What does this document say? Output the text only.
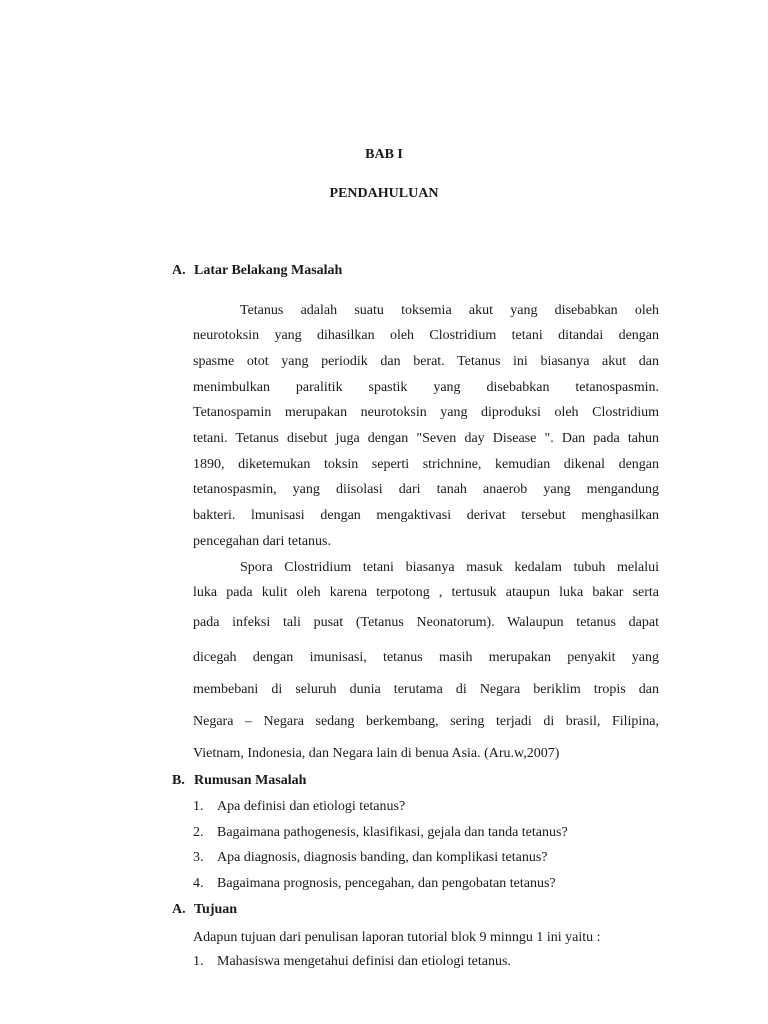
BAB I
PENDAHULUAN
A. Latar Belakang Masalah
Tetanus adalah suatu toksemia akut yang disebabkan oleh
neurotoksin yang dihasilkan oleh Clostridium tetani ditandai dengan
spasme otot yang periodik dan berat. Tetanus ini biasanya akut dan
menimbulkan paralitik spastik yang disebabkan tetanospasmin.
Tetanospamin merupakan neurotoksin yang diproduksi oleh Clostridium
tetani. Tetanus disebut juga dengan "Seven day Disease ". Dan pada tahun
1890, diketemukan toksin seperti strichnine, kemudian dikenal dengan
tetanospasmin, yang diisolasi dari tanah anaerob yang mengandung
bakteri. lmunisasi dengan mengaktivasi derivat tersebut menghasilkan
pencegahan dari tetanus.
Spora Clostridium tetani biasanya masuk kedalam tubuh melalui
luka pada kulit oleh karena terpotong , tertusuk ataupun luka bakar serta
pada infeksi tali pusat (Tetanus Neonatorum). Walaupun tetanus dapat
dicegah dengan imunisasi, tetanus masih merupakan penyakit yang
membebani di seluruh dunia terutama di Negara beriklim tropis dan
Negara – Negara sedang berkembang, sering terjadi di brasil, Filipina,
Vietnam, Indonesia, dan Negara lain di benua Asia. (Aru.w,2007)
B. Rumusan Masalah
1. Apa definisi dan etiologi tetanus?
2. Bagaimana pathogenesis, klasifikasi, gejala dan tanda tetanus?
3. Apa diagnosis, diagnosis banding, dan komplikasi tetanus?
4. Bagaimana prognosis, pencegahan, dan pengobatan tetanus?
A. Tujuan
Adapun tujuan dari penulisan laporan tutorial blok 9 minngu 1 ini yaitu :
1. Mahasiswa mengetahui definisi dan etiologi tetanus.
